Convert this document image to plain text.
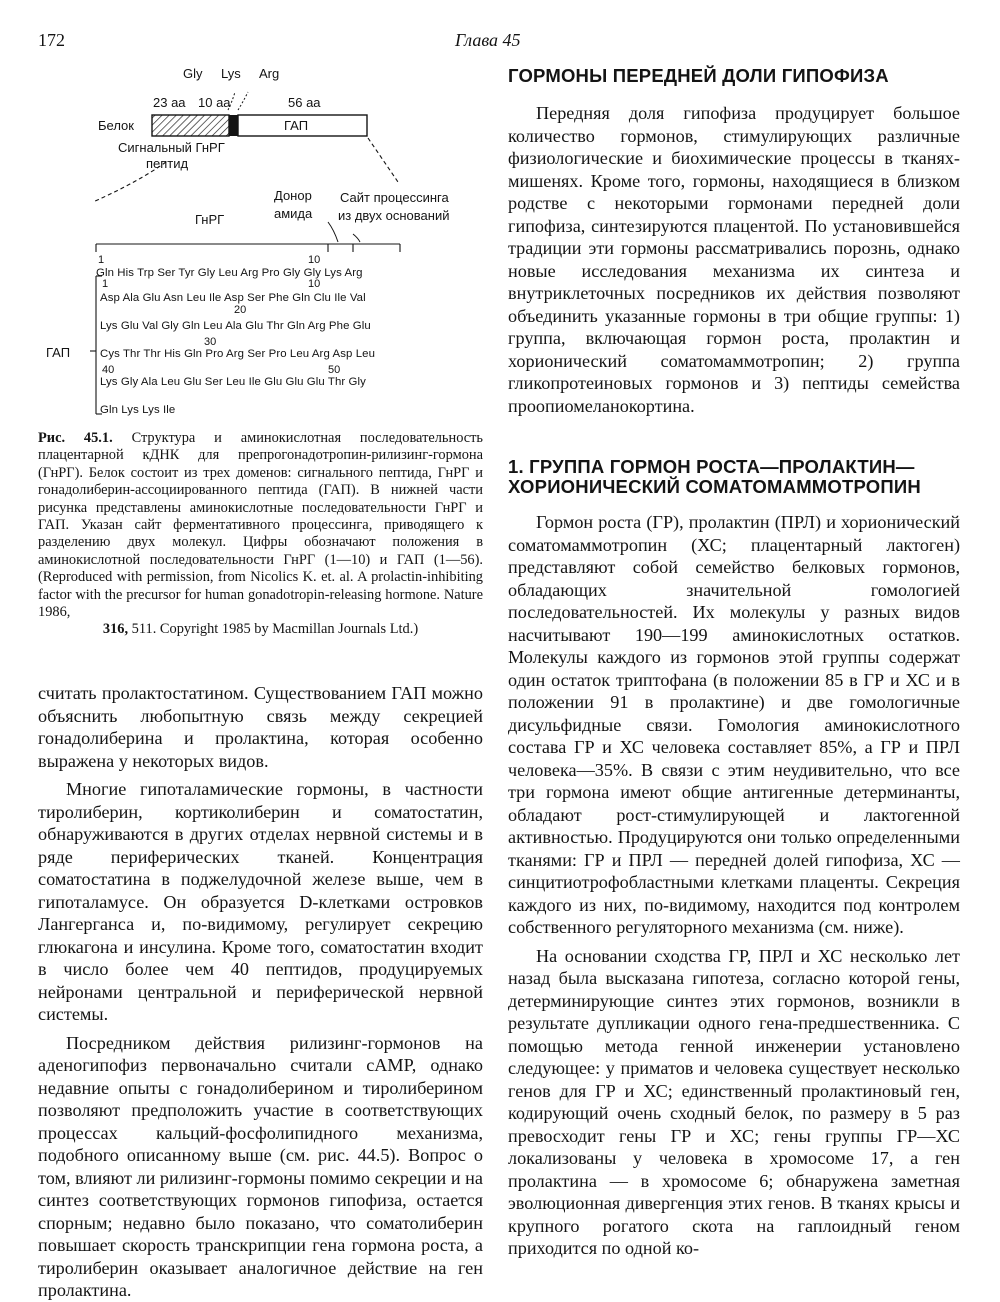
172	Глава 45
Gly Lys Arg
23 aa 10 aa	56 aa
Белок	ГАП
Сигнальный ГнРГ
пептид
Донор
амида
Сайт процессинга
из двух оснований
ГнРГ
ГАП
1	10
1	10
20
30
40	50
Gln His Trp Ser Tyr Gly Leu Arg Pro Gly Gly Lys Arg
Asp Ala Glu Asn Leu Ile Asp Ser Phe Gln Clu Ile Val
Lys Glu Val Gly Gln Leu Ala Glu Thr Gln Arg Phe Glu
Cys Thr Thr His Gln Pro Arg Ser Pro Leu Arg Asp Leu
Lys Gly Ala Leu Glu Ser Leu Ile Glu Glu Glu Thr Gly
Gln Lys Lys Ile
Рис. 45.1. Структура и аминокислотная последовательность плацентарной кДНК для препрогонадотропин-рилизинг-гормона (ГнРГ). Белок состоит из трех доменов: сигнального пептида, ГнРГ и гонадолиберин-ассоциированного пептида (ГАП). В нижней части рисунка представлены аминокислотные последовательности ГнРГ и ГАП. Указан сайт ферментативного процессинга, приводящего к разделению двух молекул. Цифры обозначают положения в аминокислотной последовательности ГнРГ (1—10) и ГАП (1—56). (Reproduced with permission, from Nicolics K. et. al. A prolactin-inhibiting factor with the precursor for human gonadotropin-releasing hormone. Nature 1986,
316, 511. Copyright 1985 by Macmillan Journals Ltd.)

считать пролактостатином. Существованием ГАП можно объяснить любопытную связь между секрецией гонадолиберина и пролактина, которая особенно выражена у некоторых видов.

Многие гипоталамические гормоны, в частности тиролиберин, кортиколиберин и соматостатин, обнаруживаются в других отделах нервной системы и в ряде периферических тканей. Концентрация соматостатина в поджелудочной железе выше, чем в гипоталамусе. Он образуется D-клетками островков Лангерганса и, по-видимому, регулирует секрецию глюкагона и инсулина. Кроме того, соматостатин входит в число более чем 40 пептидов, продуцируемых нейронами центральной и периферической нервной системы.

Посредником действия рилизинг-гормонов на аденогипофиз первоначально считали cAMP, однако недавние опыты с гонадолиберином и тиролиберином позволяют предположить участие в соответствующих процессах кальций-фосфолипидного механизма, подобного описанному выше (см. рис. 44.5). Вопрос о том, влияют ли рилизинг-гормоны помимо секреции и на синтез соответствующих гормонов гипофиза, остается спорным; недавно было показано, что соматолиберин повышает скорость транскрипции гена гормона роста, а тиролиберин оказывает аналогичное действие на ген пролактина.

ГОРМОНЫ ПЕРЕДНЕЙ ДОЛИ ГИПОФИЗА

Передняя доля гипофиза продуцирует большое количество гормонов, стимулирующих различные физиологические и биохимические процессы в тканях-мишенях. Кроме того, гормоны, находящиеся в близком родстве с некоторыми гормонами передней доли гипофиза, синтезируются плацентой. По установившейся традиции эти гормоны рассматривались порознь, однако новые исследования механизма их синтеза и внутриклеточных посредников их действия позволяют объединить указанные гормоны в три общие группы: 1) группа, включающая гормон роста, пролактин и хорионический соматомаммотропин; 2) группа гликопротеиновых гормонов и 3) пептиды семейства проопиомеланокортина.

1. ГРУППА ГОРМОН РОСТА—ПРОЛАКТИН—ХОРИОНИЧЕСКИЙ СОМАТОМАММОТРОПИН

Гормон роста (ГР), пролактин (ПРЛ) и хорионический соматомаммотропин (ХС; плацентарный лактоген) представляют собой семейство белковых гормонов, обладающих значительной гомологией последовательностей. Их молекулы у разных видов насчитывают 190—199 аминокислотных остатков. Молекулы каждого из гормонов этой группы содержат один остаток триптофана (в положении 85 в ГР и ХС и в положении 91 в пролактине) и две гомологичные дисульфидные связи. Гомология аминокислотного состава ГР и ХС человека составляет 85%, а ГР и ПРЛ человека—35%. В связи с этим неудивительно, что все три гормона имеют общие антигенные детерминанты, обладают рост-стимулирующей и лактогенной активностью. Продуцируются они только определенными тканями: ГР и ПРЛ — передней долей гипофиза, ХС — синцитиотрофобластными клетками плаценты. Секреция каждого из них, по-видимому, находится под контролем собственного регуляторного механизма (см. ниже).

На основании сходства ГР, ПРЛ и ХС несколько лет назад была высказана гипотеза, согласно которой гены, детерминирующие синтез этих гормонов, возникли в результате дупликации одного гена-предшественника. С помощью метода генной инженерии установлено следующее: у приматов и человека существует несколько генов для ГР и ХС; единственный пролактиновый ген, кодирующий очень сходный белок, по размеру в 5 раз превосходит гены ГР и ХС; гены группы ГР—ХС локализованы у человека в хромосоме 17, а ген пролактина — в хромосоме 6; обнаружена заметная эволюционная дивергенция этих генов. В тканях крысы и крупного рогатого скота на гаплоидный геном приходится по одной ко-
